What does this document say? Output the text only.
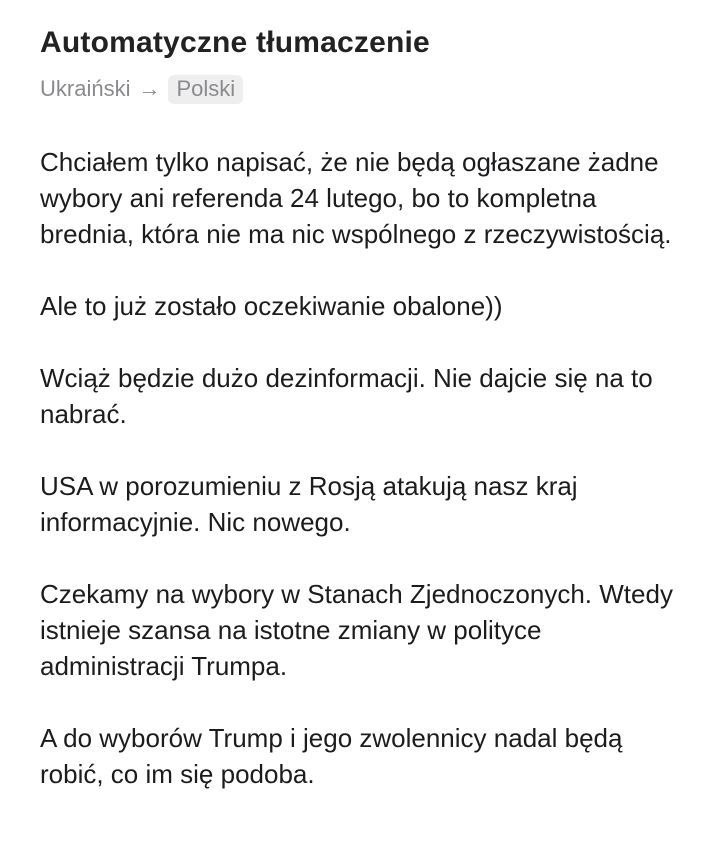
Automatyczne tłumaczenie
Ukraiński → Polski

Chciałem tylko napisać, że nie będą ogłaszane żadne wybory ani referenda 24 lutego, bo to kompletna brednia, która nie ma nic wspólnego z rzeczywistością.

Ale to już zostało oczekiwanie obalone))

Wciąż będzie dużo dezinformacji. Nie dajcie się na to nabrać.

USA w porozumieniu z Rosją atakują nasz kraj informacyjnie. Nic nowego.

Czekamy na wybory w Stanach Zjednoczonych. Wtedy istnieje szansa na istotne zmiany w polityce administracji Trumpa.

A do wyborów Trump i jego zwolennicy nadal będą robić, co im się podoba.
